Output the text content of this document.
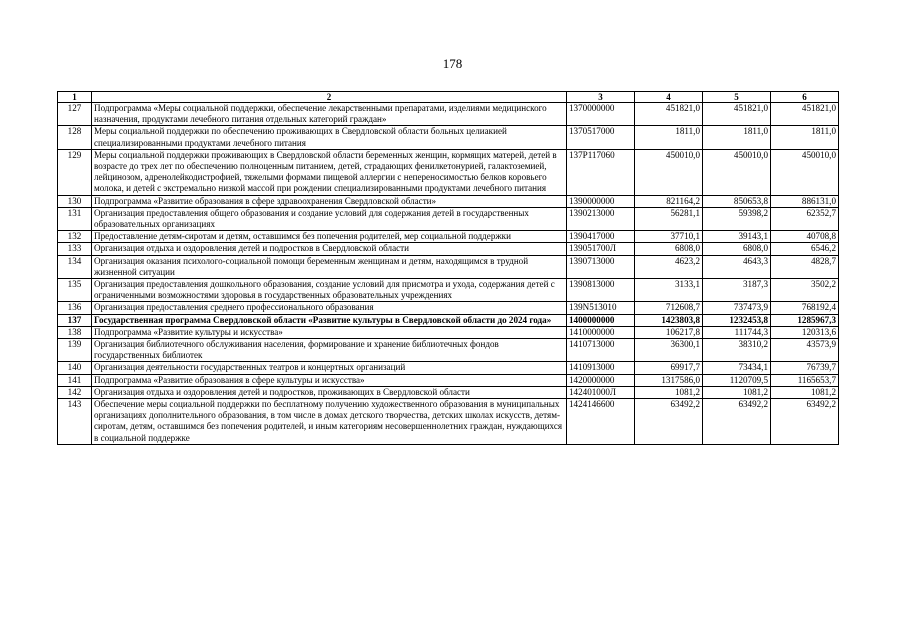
178
1	2	3	4	5	6
127	Подпрограмма «Меры социальной поддержки, обеспечение лекарственными препаратами, изделиями медицинского назначения, продуктами лечебного питания отдельных категорий граждан»	1370000000	451821,0	451821,0	451821,0
128	Меры социальной поддержки по обеспечению проживающих в Свердловской области больных целиакией специализированными продуктами лечебного питания	1370517000	1811,0	1811,0	1811,0
129	Меры социальной поддержки проживающих в Свердловской области беременных женщин, кормящих матерей, детей в возрасте до трех лет по обеспечению полноценным питанием, детей, страдающих фенилкетонурией, галактоземией, лейцинозом, адренолейкодистрофией, тяжелыми формами пищевой аллергии с непереносимостью белков коровьего молока, и детей с экстремально низкой массой при рождении специализированными продуктами лечебного питания	137P117060	450010,0	450010,0	450010,0
130	Подпрограмма «Развитие образования в сфере здравоохранения Свердловской области»	1390000000	821164,2	850653,8	886131,0
131	Организация предоставления общего образования и создание условий для содержания детей в государственных образовательных организациях	1390213000	56281,1	59398,2	62352,7
132	Предоставление детям-сиротам и детям, оставшимся без попечения родителей, мер социальной поддержки	1390417000	37710,1	39143,1	40708,8
133	Организация отдыха и оздоровления детей и подростков в Свердловской области	139051700Л	6808,0	6808,0	6546,2
134	Организация оказания психолого-социальной помощи беременным женщинам и детям, находящимся в трудной жизненной ситуации	1390713000	4623,2	4643,3	4828,7
135	Организация предоставления дошкольного образования, создание условий для присмотра и ухода, содержания детей с ограниченными возможностями здоровья в государственных образовательных учреждениях	1390813000	3133,1	3187,3	3502,2
136	Организация предоставления среднего профессионального образования	139N513010	712608,7	737473,9	768192,4
137	Государственная программа Свердловской области «Развитие культуры в Свердловской области до 2024 года»	1400000000	1423803,8	1232453,8	1285967,3
138	Подпрограмма «Развитие культуры и искусства»	1410000000	106217,8	111744,3	120313,6
139	Организация библиотечного обслуживания населения, формирование и хранение библиотечных фондов государственных библиотек	1410713000	36300,1	38310,2	43573,9
140	Организация деятельности государственных театров и концертных организаций	1410913000	69917,7	73434,1	76739,7
141	Подпрограмма «Развитие образования в сфере культуры и искусства»	1420000000	1317586,0	1120709,5	1165653,7
142	Организация отдыха и оздоровления детей и подростков, проживающих в Свердловской области	142401000Л	1081,2	1081,2	1081,2
143	Обеспечение меры социальной поддержки по бесплатному получению художественного образования в муниципальных организациях дополнительного образования, в том числе в домах детского творчества, детских школах искусств, детям-сиротам, детям, оставшимся без попечения родителей, и иным категориям несовершеннолетних граждан, нуждающихся в социальной поддержке	1424146600	63492,2	63492,2	63492,2
